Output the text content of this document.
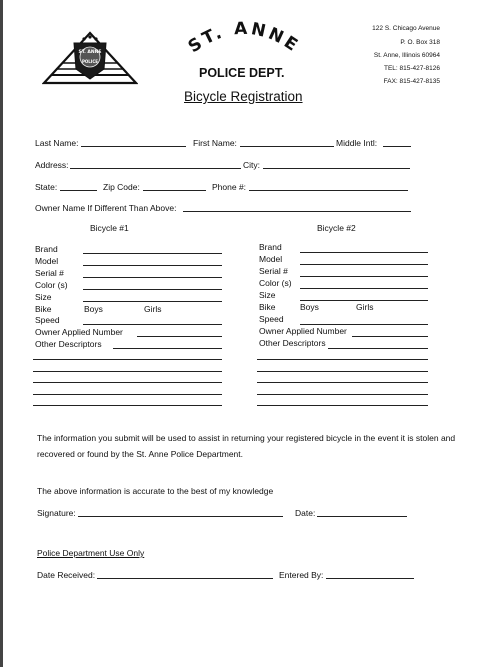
ST. ANNE
POLICE
ST. ANNE
POLICE DEPT.
122 S. Chicago Avenue
P. O. Box 318
St. Anne, Illinois 60964
TEL: 815-427-8126
FAX: 815-427-8135
Bicycle Registration
Last Name:	First Name:	Middle Intl:
Address:	City:
State:	Zip Code:	Phone #:
Owner Name If Different Than Above:
Bicycle #1
Brand
Model
Serial #
Color (s)
Size
Bike	Boys	Girls
Speed
Owner Applied Number
Other Descriptors
Bicycle #2
Brand
Model
Serial #
Color (s)
Size
Bike	Boys	Girls
Speed
Owner Applied Number
Other Descriptors
The information you submit will be used to assist in returning your registered bicycle in the event it is stolen and recovered or found by the St. Anne Police Department.
The above information is accurate to the best of my knowledge
Signature:	Date:
Police Department Use Only
Date Received:	Entered By:
